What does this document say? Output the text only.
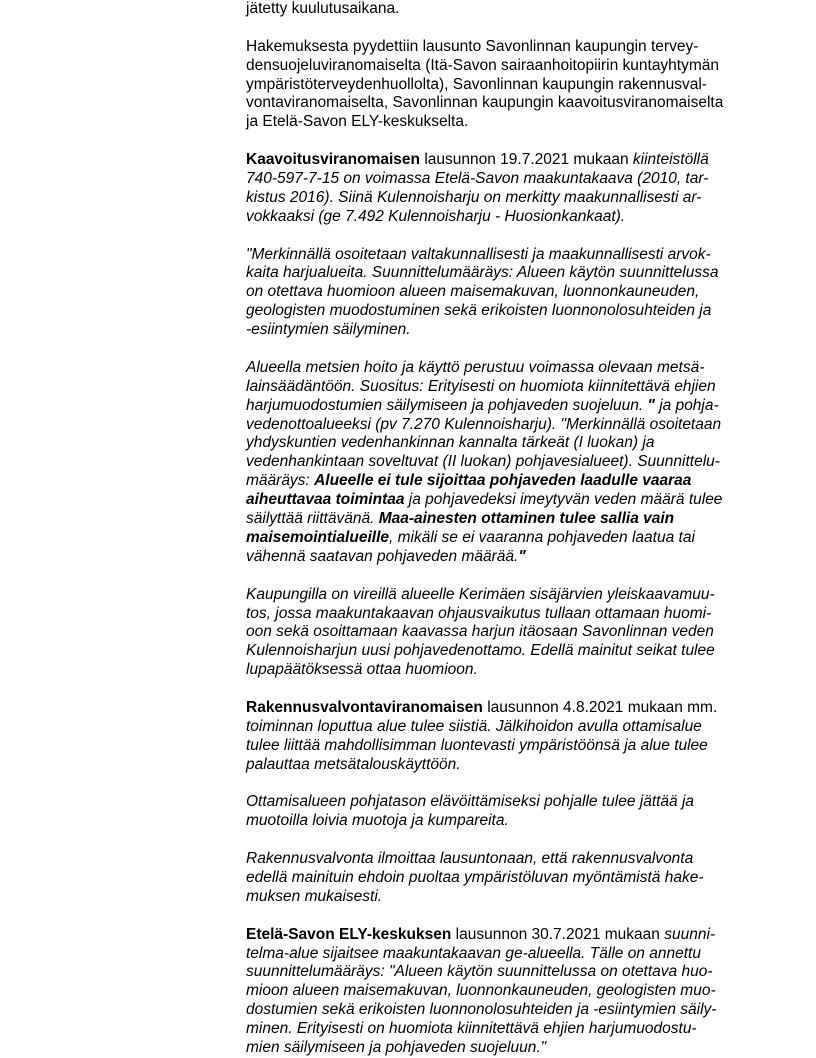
jätetty kuulutusaikana.
Hakemuksesta pyydettiin lausunto Savonlinnan kaupungin tervey-
densuojeluviranomaiselta (Itä-Savon sairaanhoitopiirin kuntayhtymän
ympäristöterveydenhuollolta), Savonlinnan kaupungin rakennusval-
vontaviranomaiselta, Savonlinnan kaupungin kaavoitusviranomaiselta
ja Etelä-Savon ELY-keskukselta.
Kaavoitusviranomaisen lausunnon 19.7.2021 mukaan kiinteistöllä
740-597-7-15 on voimassa Etelä-Savon maakuntakaava (2010, tar-
kistus 2016). Siinä Kulennoisharju on merkitty maakunnallisesti ar-
vokkaaksi (ge 7.492 Kulennoisharju - Huosionkankaat).
"Merkinnällä osoitetaan valtakunnallisesti ja maakunnallisesti arvok-
kaita harjualueita. Suunnittelumääräys: Alueen käytön suunnittelussa
on otettava huomioon alueen maisemakuvan, luonnonkauneuden,
geologisten muodostuminen sekä erikoisten luonnonolosuhteiden ja
-esiintymien säilyminen.
Alueella metsien hoito ja käyttö perustuu voimassa olevaan metsä-
lainsäädäntöön. Suositus: Erityisesti on huomiota kiinnitettävä ehjien
harjumuodostumien säilymiseen ja pohjaveden suojeluun. " ja pohja-
vedenottoalueeksi (pv 7.270 Kulennoisharju). "Merkinnällä osoitetaan
yhdyskuntien vedenhankinnan kannalta tärkeät (I luokan) ja
vedenhankintaan soveltuvat (II luokan) pohjavesialueet). Suunnittelu-
määräys: Alueelle ei tule sijoittaa pohjaveden laadulle vaaraa
aiheuttavaa toimintaa ja pohjavedeksi imeytyvän veden määrä tulee
säilyttää riittävänä. Maa-ainesten ottaminen tulee sallia vain
maisemointialueille, mikäli se ei vaaranna pohjaveden laatua tai
vähennä saatavan pohjaveden määrää."
Kaupungilla on vireillä alueelle Kerimäen sisäjärvien yleiskaavamuu-
tos, jossa maakuntakaavan ohjausvaikutus tullaan ottamaan huomi-
oon sekä osoittamaan kaavassa harjun itäosaan Savonlinnan veden
Kulennoisharjun uusi pohjavedenottamo. Edellä mainitut seikat tulee
lupapäätöksessä ottaa huomioon.
Rakennusvalvontaviranomaisen lausunnon 4.8.2021 mukaan mm.
toiminnan loputtua alue tulee siistiä. Jälkihoidon avulla ottamisalue
tulee liittää mahdollisimman luontevasti ympäristöönsä ja alue tulee
palauttaa metsätalouskäyttöön.
Ottamisalueen pohjatason elävöittämiseksi pohjalle tulee jättää ja
muotoilla loivia muotoja ja kumpareita.
Rakennusvalvonta ilmoittaa lausuntonaan, että rakennusvalvonta
edellä mainituin ehdoin puoltaa ympäristöluvan myöntämistä hake-
muksen mukaisesti.
Etelä-Savon ELY-keskuksen lausunnon 30.7.2021 mukaan suunni-
telma-alue sijaitsee maakuntakaavan ge-alueella. Tälle on annettu
suunnittelumääräys: "Alueen käytön suunnittelussa on otettava huo-
mioon alueen maisemakuvan, luonnonkauneuden, geologisten muo-
dostumien sekä erikoisten luonnonolosuhteiden ja -esiintymien säily-
minen. Erityisesti on huomiota kiinnitettävä ehjien harjumuodostu-
mien säilymiseen ja pohjaveden suojeluun."
